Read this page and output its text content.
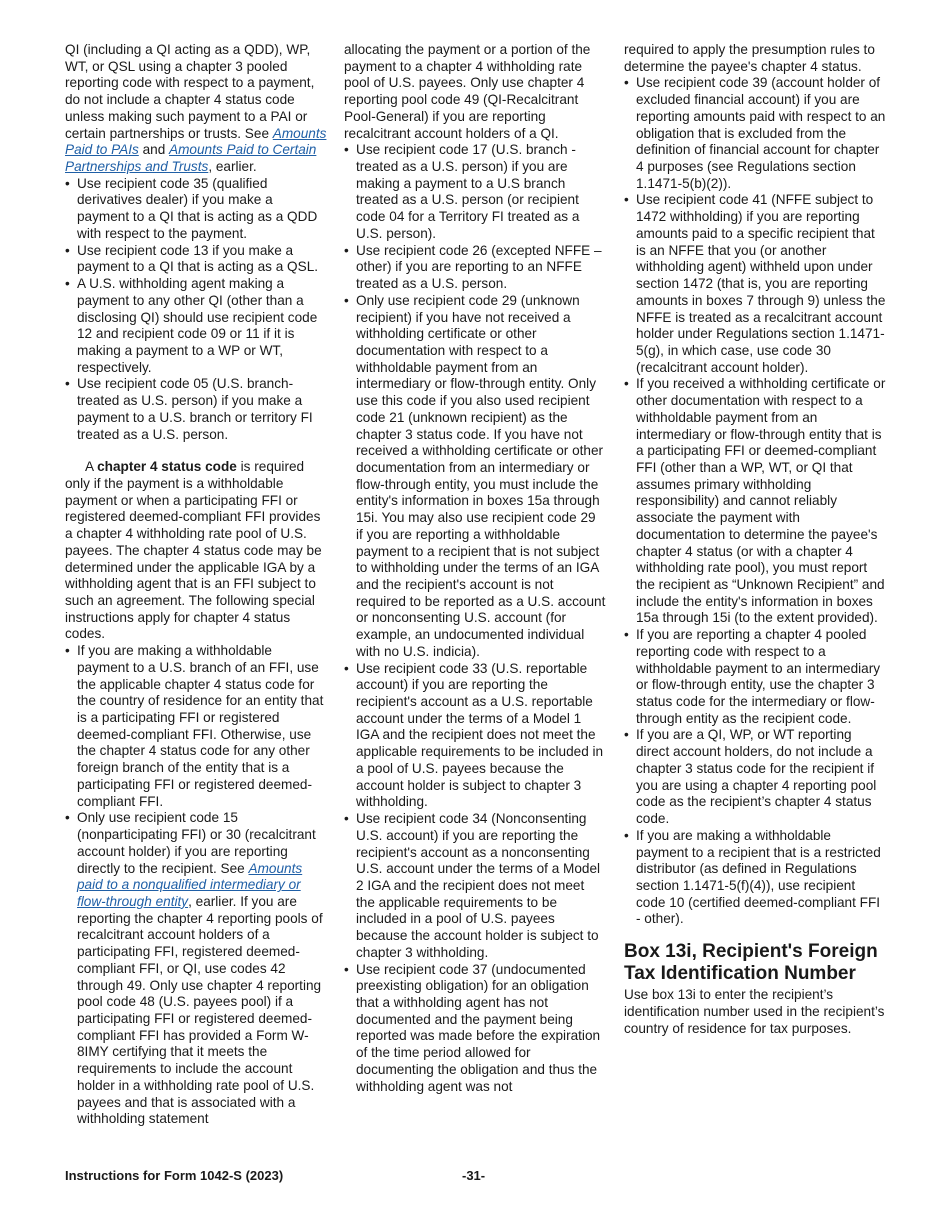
QI (including a QI acting as a QDD), WP, WT, or QSL using a chapter 3 pooled reporting code with respect to a payment, do not include a chapter 4 status code unless making such payment to a PAI or certain partnerships or trusts. See Amounts Paid to PAIs and Amounts Paid to Certain Partnerships and Trusts, earlier.

• Use recipient code 35 (qualified derivatives dealer) if you make a payment to a QI that is acting as a QDD with respect to the payment.

• Use recipient code 13 if you make a payment to a QI that is acting as a QSL.

• A U.S. withholding agent making a payment to any other QI (other than a disclosing QI) should use recipient code 12 and recipient code 09 or 11 if it is making a payment to a WP or WT, respectively.

• Use recipient code 05 (U.S. branch-treated as U.S. person) if you make a payment to a U.S. branch or territory FI treated as a U.S. person.

A chapter 4 status code is required only if the payment is a withholdable payment or when a participating FFI or registered deemed-compliant FFI provides a chapter 4 withholding rate pool of U.S. payees. The chapter 4 status code may be determined under the applicable IGA by a withholding agent that is an FFI subject to such an agreement. The following special instructions apply for chapter 4 status codes.

• If you are making a withholdable payment to a U.S. branch of an FFI, use the applicable chapter 4 status code for the country of residence for an entity that is a participating FFI or registered deemed-compliant FFI. Otherwise, use the chapter 4 status code for any other foreign branch of the entity that is a participating FFI or registered deemed-compliant FFI.

• Only use recipient code 15 (nonparticipating FFI) or 30 (recalcitrant account holder) if you are reporting directly to the recipient. See Amounts paid to a nonqualified intermediary or flow-through entity, earlier. If you are reporting the chapter 4 reporting pools of recalcitrant account holders of a participating FFI, registered deemed-compliant FFI, or QI, use codes 42 through 49. Only use chapter 4 reporting pool code 48 (U.S. payees pool) if a participating FFI or registered deemed-compliant FFI has provided a Form W-8IMY certifying that it meets the requirements to include the account holder in a withholding rate pool of U.S. payees and that is associated with a withholding statement

allocating the payment or a portion of the payment to a chapter 4 withholding rate pool of U.S. payees. Only use chapter 4 reporting pool code 49 (QI-Recalcitrant Pool-General) if you are reporting recalcitrant account holders of a QI.

• Use recipient code 17 (U.S. branch - treated as a U.S. person) if you are making a payment to a U.S branch treated as a U.S. person (or recipient code 04 for a Territory FI treated as a U.S. person).

• Use recipient code 26 (excepted NFFE – other) if you are reporting to an NFFE treated as a U.S. person.

• Only use recipient code 29 (unknown recipient) if you have not received a withholding certificate or other documentation with respect to a withholdable payment from an intermediary or flow-through entity. Only use this code if you also used recipient code 21 (unknown recipient) as the chapter 3 status code. If you have not received a withholding certificate or other documentation from an intermediary or flow-through entity, you must include the entity's information in boxes 15a through 15i. You may also use recipient code 29 if you are reporting a withholdable payment to a recipient that is not subject to withholding under the terms of an IGA and the recipient's account is not required to be reported as a U.S. account or nonconsenting U.S. account (for example, an undocumented individual with no U.S. indicia).

• Use recipient code 33 (U.S. reportable account) if you are reporting the recipient's account as a U.S. reportable account under the terms of a Model 1 IGA and the recipient does not meet the applicable requirements to be included in a pool of U.S. payees because the account holder is subject to chapter 3 withholding.

• Use recipient code 34 (Nonconsenting U.S. account) if you are reporting the recipient's account as a nonconsenting U.S. account under the terms of a Model 2 IGA and the recipient does not meet the applicable requirements to be included in a pool of U.S. payees because the account holder is subject to chapter 3 withholding.

• Use recipient code 37 (undocumented preexisting obligation) for an obligation that a withholding agent has not documented and the payment being reported was made before the expiration of the time period allowed for documenting the obligation and thus the withholding agent was not

required to apply the presumption rules to determine the payee's chapter 4 status.

• Use recipient code 39 (account holder of excluded financial account) if you are reporting amounts paid with respect to an obligation that is excluded from the definition of financial account for chapter 4 purposes (see Regulations section 1.1471-5(b)(2)).

• Use recipient code 41 (NFFE subject to 1472 withholding) if you are reporting amounts paid to a specific recipient that is an NFFE that you (or another withholding agent) withheld upon under section 1472 (that is, you are reporting amounts in boxes 7 through 9) unless the NFFE is treated as a recalcitrant account holder under Regulations section 1.1471-5(g), in which case, use code 30 (recalcitrant account holder).

• If you received a withholding certificate or other documentation with respect to a withholdable payment from an intermediary or flow-through entity that is a participating FFI or deemed-compliant FFI (other than a WP, WT, or QI that assumes primary withholding responsibility) and cannot reliably associate the payment with documentation to determine the payee's chapter 4 status (or with a chapter 4 withholding rate pool), you must report the recipient as “Unknown Recipient” and include the entity's information in boxes 15a through 15i (to the extent provided).

• If you are reporting a chapter 4 pooled reporting code with respect to a withholdable payment to an intermediary or flow-through entity, use the chapter 3 status code for the intermediary or flow-through entity as the recipient code.

• If you are a QI, WP, or WT reporting direct account holders, do not include a chapter 3 status code for the recipient if you are using a chapter 4 reporting pool code as the recipient’s chapter 4 status code.

• If you are making a withholdable payment to a recipient that is a restricted distributor (as defined in Regulations section 1.1471-5(f)(4)), use recipient code 10 (certified deemed-compliant FFI - other).

Box 13i, Recipient's Foreign Tax Identification Number

Use box 13i to enter the recipient’s identification number used in the recipient’s country of residence for tax purposes.

Instructions for Form 1042-S (2023)	-31-
